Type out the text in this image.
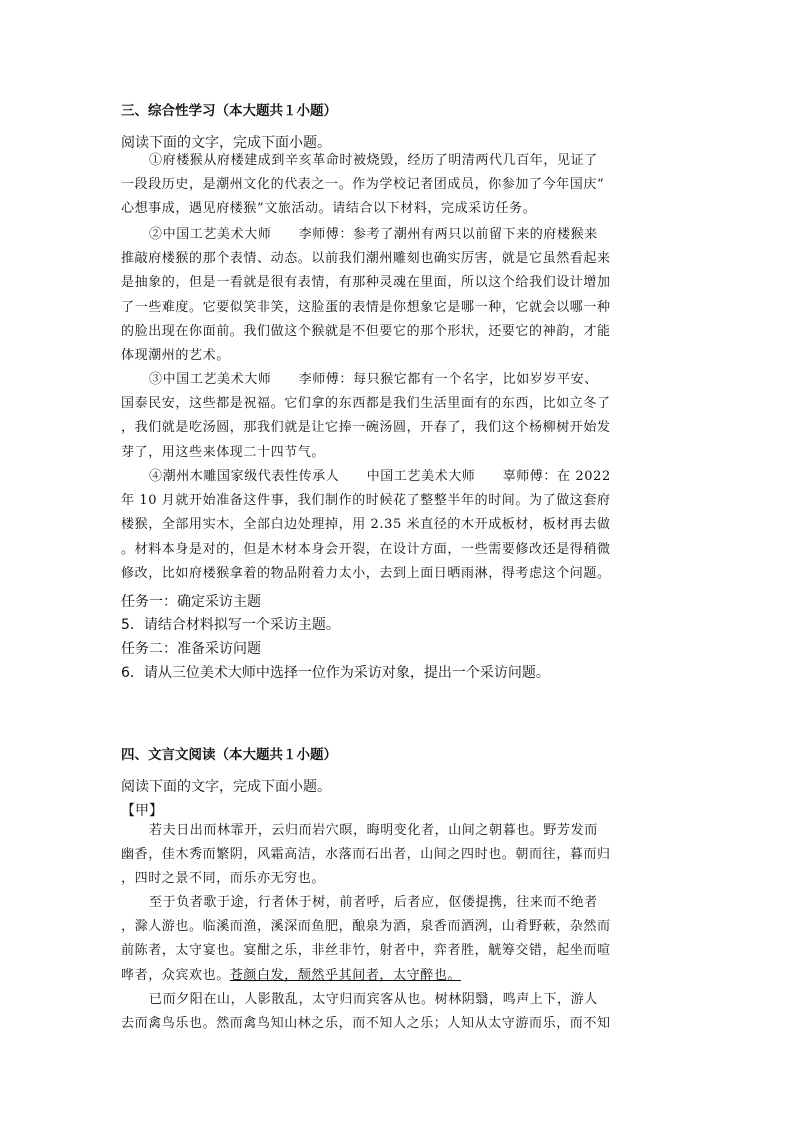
三、综合性学习（本大题共１小题）
阅读下面的文字，完成下面小题。
①府楼猴从府楼建成到辛亥革命时被烧毁，经历了明清两代几百年，见证了
一段段历史，是潮州文化的代表之一。作为学校记者团成员，你参加了今年国庆“
心想事成，遇见府楼猴”文旅活动。请结合以下材料，完成采访任务。
②中国工艺美术大师　　李师傅：参考了潮州有两只以前留下来的府楼猴来
推敲府楼猴的那个表情、动态。以前我们潮州雕刻也确实厉害，就是它虽然看起来
是抽象的，但是一看就是很有表情，有那种灵魂在里面，所以这个给我们设计增加
了一些难度。它要似笑非笑，这脸蛋的表情是你想象它是哪一种，它就会以哪一种
的脸出现在你面前。我们做这个猴就是不但要它的那个形状，还要它的神韵，才能
体现潮州的艺术。
③中国工艺美术大师　　李师傅：每只猴它都有一个名字，比如岁岁平安、
国泰民安，这些都是祝福。它们拿的东西都是我们生活里面有的东西，比如立冬了
，我们就是吃汤圆，那我们就是让它捧一碗汤圆，开春了，我们这个杨柳树开始发
芽了，用这些来体现二十四节气。
④潮州木雕国家级代表性传承人　　中国工艺美术大师　　辜师傅：在 2022
年 10 月就开始准备这件事，我们制作的时候花了整整半年的时间。为了做这套府
楼猴，全部用实木，全部白边处理掉，用 2.35 米直径的木开成板材，板材再去做
。材料本身是对的，但是木材本身会开裂，在设计方面，一些需要修改还是得稍微
修改，比如府楼猴拿着的物品附着力太小，去到上面日晒雨淋，得考虑这个问题。
任务一：确定采访主题
5．请结合材料拟写一个采访主题。
任务二：准备采访问题
6．请从三位美术大师中选择一位作为采访对象，提出一个采访问题。
四、文言文阅读（本大题共１小题）
阅读下面的文字，完成下面小题。
【甲】
若夫日出而林霏开，云归而岩穴暝，晦明变化者，山间之朝暮也。野芳发而
幽香，佳木秀而繁阴，风霜高洁，水落而石出者，山间之四时也。朝而往，暮而归
，四时之景不同，而乐亦无穷也。
至于负者歌于途，行者休于树，前者呼，后者应，伛偻提携，往来而不绝者
，滁人游也。临溪而渔，溪深而鱼肥，酿泉为酒，泉香而酒洌，山肴野蔌，杂然而
前陈者，太守宴也。宴酣之乐，非丝非竹，射者中，弈者胜，觥筹交错，起坐而喧
哗者，众宾欢也。苍颜白发，颓然乎其间者，太守醉也。
已而夕阳在山，人影散乱，太守归而宾客从也。树林阴翳，鸣声上下，游人
去而禽鸟乐也。然而禽鸟知山林之乐，而不知人之乐；人知从太守游而乐，而不知
